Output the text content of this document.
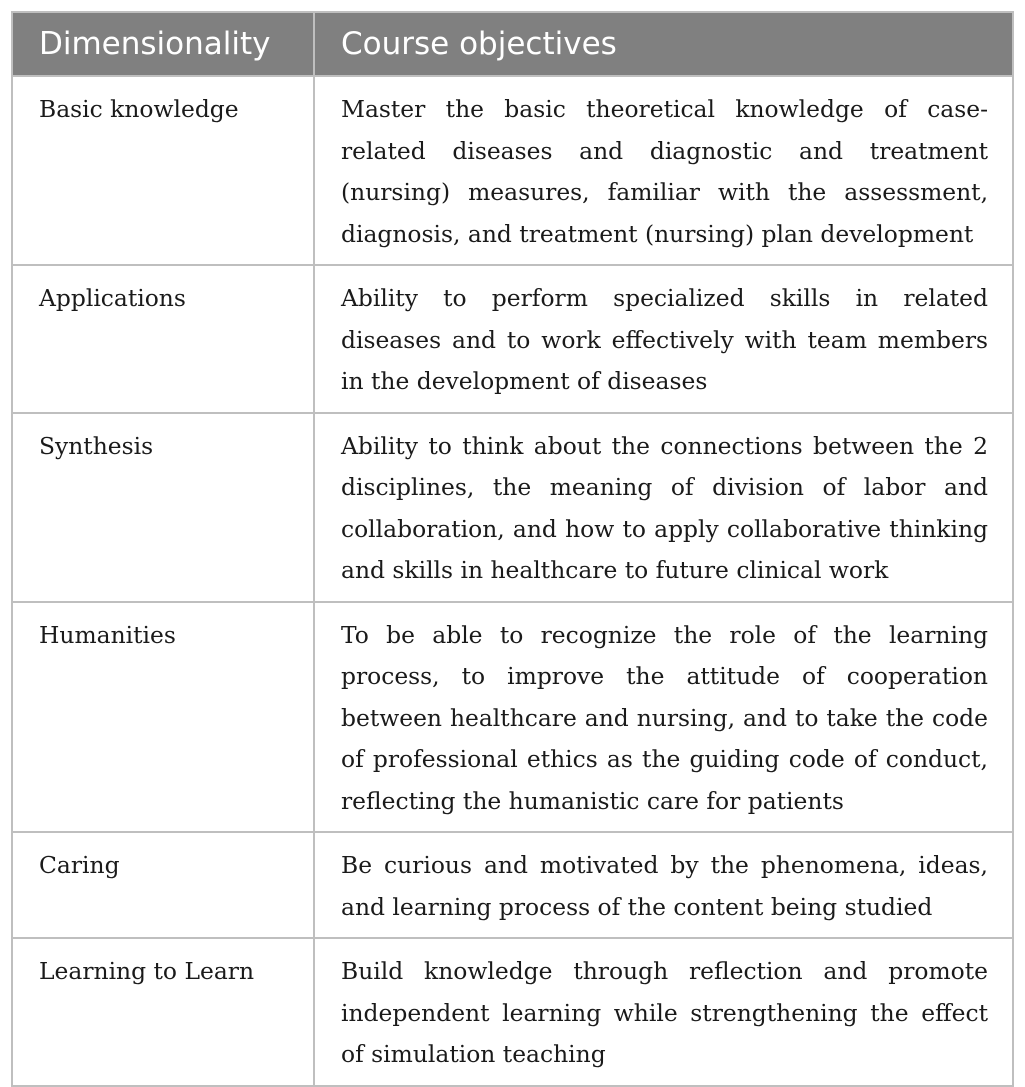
Dimensionality	Course objectives
Basic knowledge	Master the basic theoretical knowledge of case-related diseases and diagnostic and treatment (nursing) measures, familiar with the assessment, diagnosis, and treatment (nursing) plan development
Applications	Ability to perform specialized skills in related diseases and to work effectively with team members in the development of diseases
Synthesis	Ability to think about the connections between the 2 disciplines, the meaning of division of labor and collaboration, and how to apply collaborative thinking and skills in healthcare to future clinical work
Humanities	To be able to recognize the role of the learning process, to improve the attitude of cooperation between healthcare and nursing, and to take the code of professional ethics as the guiding code of conduct, reflecting the humanistic care for patients
Caring	Be curious and motivated by the phenomena, ideas, and learning process of the content being studied
Learning to Learn	Build knowledge through reflection and promote independent learning while strengthening the effect of simulation teaching
